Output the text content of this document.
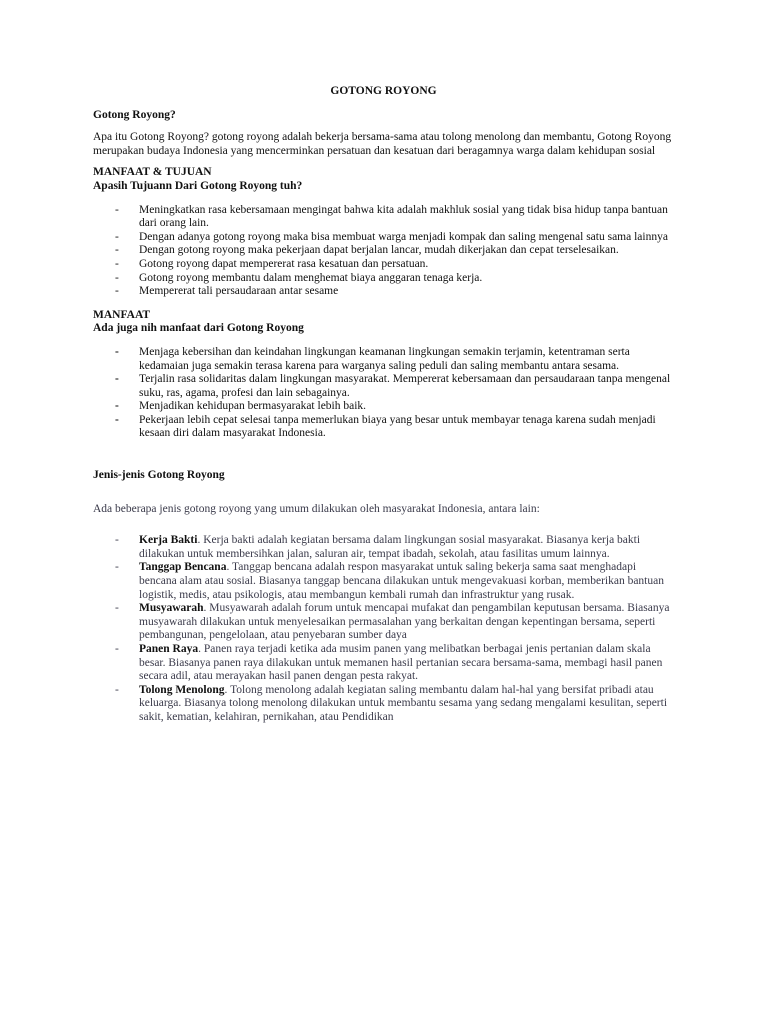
GOTONG ROYONG
Gotong Royong?

Apa itu Gotong Royong? gotong royong adalah bekerja bersama-sama atau tolong menolong dan membantu, Gotong Royong merupakan budaya Indonesia yang mencerminkan persatuan dan kesatuan dari beragamnya warga dalam kehidupan sosial

MANFAAT & TUJUAN
Apasih Tujuann Dari Gotong Royong tuh?
- Meningkatkan rasa kebersamaan mengingat bahwa kita adalah makhluk sosial yang tidak bisa hidup tanpa bantuan dari orang lain.
- Dengan adanya gotong royong maka bisa membuat warga menjadi kompak dan saling mengenal satu sama lainnya
- Dengan gotong royong maka pekerjaan dapat berjalan lancar, mudah dikerjakan dan cepat terselesaikan.
- Gotong royong dapat mempererat rasa kesatuan dan persatuan.
- Gotong royong membantu dalam menghemat biaya anggaran tenaga kerja.
- Mempererat tali persaudaraan antar sesame
MANFAAT
Ada juga nih manfaat dari Gotong Royong
- Menjaga kebersihan dan keindahan lingkungan keamanan lingkungan semakin terjamin, ketentraman serta kedamaian juga semakin terasa karena para warganya saling peduli dan saling membantu antara sesama.
- Terjalin rasa solidaritas dalam lingkungan masyarakat. Mempererat kebersamaan dan persaudaraan tanpa mengenal suku, ras, agama, profesi dan lain sebagainya.
- Menjadikan kehidupan bermasyarakat lebih baik.
- Pekerjaan lebih cepat selesai tanpa memerlukan biaya yang besar untuk membayar tenaga karena sudah menjadi kesaan diri dalam masyarakat Indonesia.
Jenis-jenis Gotong Royong

Ada beberapa jenis gotong royong yang umum dilakukan oleh masyarakat Indonesia, antara lain:

- Kerja Bakti. Kerja bakti adalah kegiatan bersama dalam lingkungan sosial masyarakat. Biasanya kerja bakti dilakukan untuk membersihkan jalan, saluran air, tempat ibadah, sekolah, atau fasilitas umum lainnya.
- Tanggap Bencana. Tanggap bencana adalah respon masyarakat untuk saling bekerja sama saat menghadapi bencana alam atau sosial. Biasanya tanggap bencana dilakukan untuk mengevakuasi korban, memberikan bantuan logistik, medis, atau psikologis, atau membangun kembali rumah dan infrastruktur yang rusak.
- Musyawarah. Musyawarah adalah forum untuk mencapai mufakat dan pengambilan keputusan bersama. Biasanya musyawarah dilakukan untuk menyelesaikan permasalahan yang berkaitan dengan kepentingan bersama, seperti pembangunan, pengelolaan, atau penyebaran sumber daya
- Panen Raya. Panen raya terjadi ketika ada musim panen yang melibatkan berbagai jenis pertanian dalam skala besar. Biasanya panen raya dilakukan untuk memanen hasil pertanian secara bersama-sama, membagi hasil panen secara adil, atau merayakan hasil panen dengan pesta rakyat.
- Tolong Menolong. Tolong menolong adalah kegiatan saling membantu dalam hal-hal yang bersifat pribadi atau keluarga. Biasanya tolong menolong dilakukan untuk membantu sesama yang sedang mengalami kesulitan, seperti sakit, kematian, kelahiran, pernikahan, atau Pendidikan
